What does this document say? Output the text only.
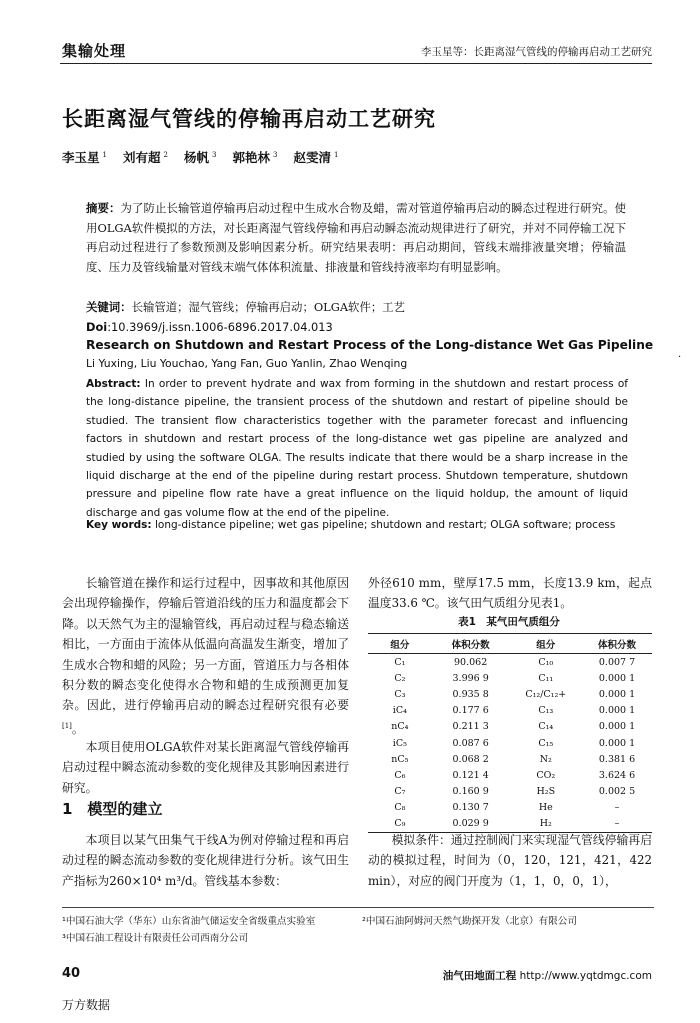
集输处理	李玉星等：长距离湿气管线的停输再启动工艺研究
长距离湿气管线的停输再启动工艺研究
李玉星 $^1$ 刘有超 $^2$ 杨帆 $^3$ 郭艳林 $^3$ 赵雯清 $^1$
摘要：为了防止长输管道停输再启动过程中生成水合物及蜡，需对管道停输再启动的瞬态过程进行研究。使用OLGA软件模拟的方法，对长距离湿气管线停输和再启动瞬态流动规律进行了研究，并对不同停输工况下再启动过程进行了参数预测及影响因素分析。研究结果表明：再启动期间，管线末端排液量突增；停输温度、压力及管线输量对管线末端气体体积流量、排液量和管线持液率均有明显影响。
关键词：长输管道；湿气管线；停输再启动；OLGA软件；工艺
Doi:10.3969/j.issn.1006-6896.2017.04.013
Research on Shutdown and Restart Process of the Long-distance Wet Gas Pipeline
Li Yuxing, Liu Youchao, Yang Fan, Guo Yanlin, Zhao Wenqing
Abstract: In order to prevent hydrate and wax from forming in the shutdown and restart process of the long-distance pipeline, the transient process of the shutdown and restart of pipeline should be studied. The transient flow characteristics together with the parameter forecast and influencing factors in shutdown and restart process of the long-distance wet gas pipeline are analyzed and studied by using the software OLGA. The results indicate that there would be a sharp increase in the liquid discharge at the end of the pipeline during restart process. Shutdown temperature, shutdown pressure and pipeline flow rate have a great influence on the liquid holdup, the amount of liquid discharge and gas volume flow at the end of the pipeline.
Key words: long-distance pipeline; wet gas pipeline; shutdown and restart; OLGA software; process
长输管道在操作和运行过程中，因事故和其他原因会出现停输操作，停输后管道沿线的压力和温度都会下降。以天然气为主的湿输管线，再启动过程与稳态输送相比，一方面由于流体从低温向高温发生渐变，增加了生成水合物和蜡的风险；另一方面，管道压力与各相体积分数的瞬态变化使得水合物和蜡的生成预测更加复杂。因此，进行停输再启动的瞬态过程研究很有必要[1]。
本项目使用OLGA软件对某长距离湿气管线停输再启动过程中瞬态流动参数的变化规律及其影响因素进行研究。
1　模型的建立
本项目以某气田集气干线A为例对停输过程和再启动过程的瞬态流动参数的变化规律进行分析。该气田生产指标为260×10⁴ m³/d。管线基本参数：
外径610 mm，壁厚17.5 mm，长度13.9 km，起点温度33.6 ℃。该气田气质组分见表1。
表1　某气田气质组分
组分	体积分数	组分	体积分数
C₁	90.062	C₁₀	0.007 7
C₂	3.996 9	C₁₁	0.000 1
C₃	0.935 8	C₁₂/C₁₂+	0.000 1
iC₄	0.177 6	C₁₃	0.000 1
nC₄	0.211 3	C₁₄	0.000 1
iC₅	0.087 6	C₁₅	0.000 1
nC₅	0.068 2	N₂	0.381 6
C₆	0.121 4	CO₂	3.624 6
C₇	0.160 9	H₂S	0.002 5
C₈	0.130 7	He	–
C₉	0.029 9	H₂	–
模拟条件：通过控制阀门来实现湿气管线停输再启动的模拟过程，时间为（0，120，121，421，422 min），对应的阀门开度为（1，1，0，0，1），
¹中国石油大学（华东）山东省油气储运安全省级重点实验室	²中国石油阿姆河天然气勘探开发（北京）有限公司
³中国石油工程设计有限责任公司西南分公司
40	油气田地面工程 http://www.yqtdmgc.com
万方数据
·
